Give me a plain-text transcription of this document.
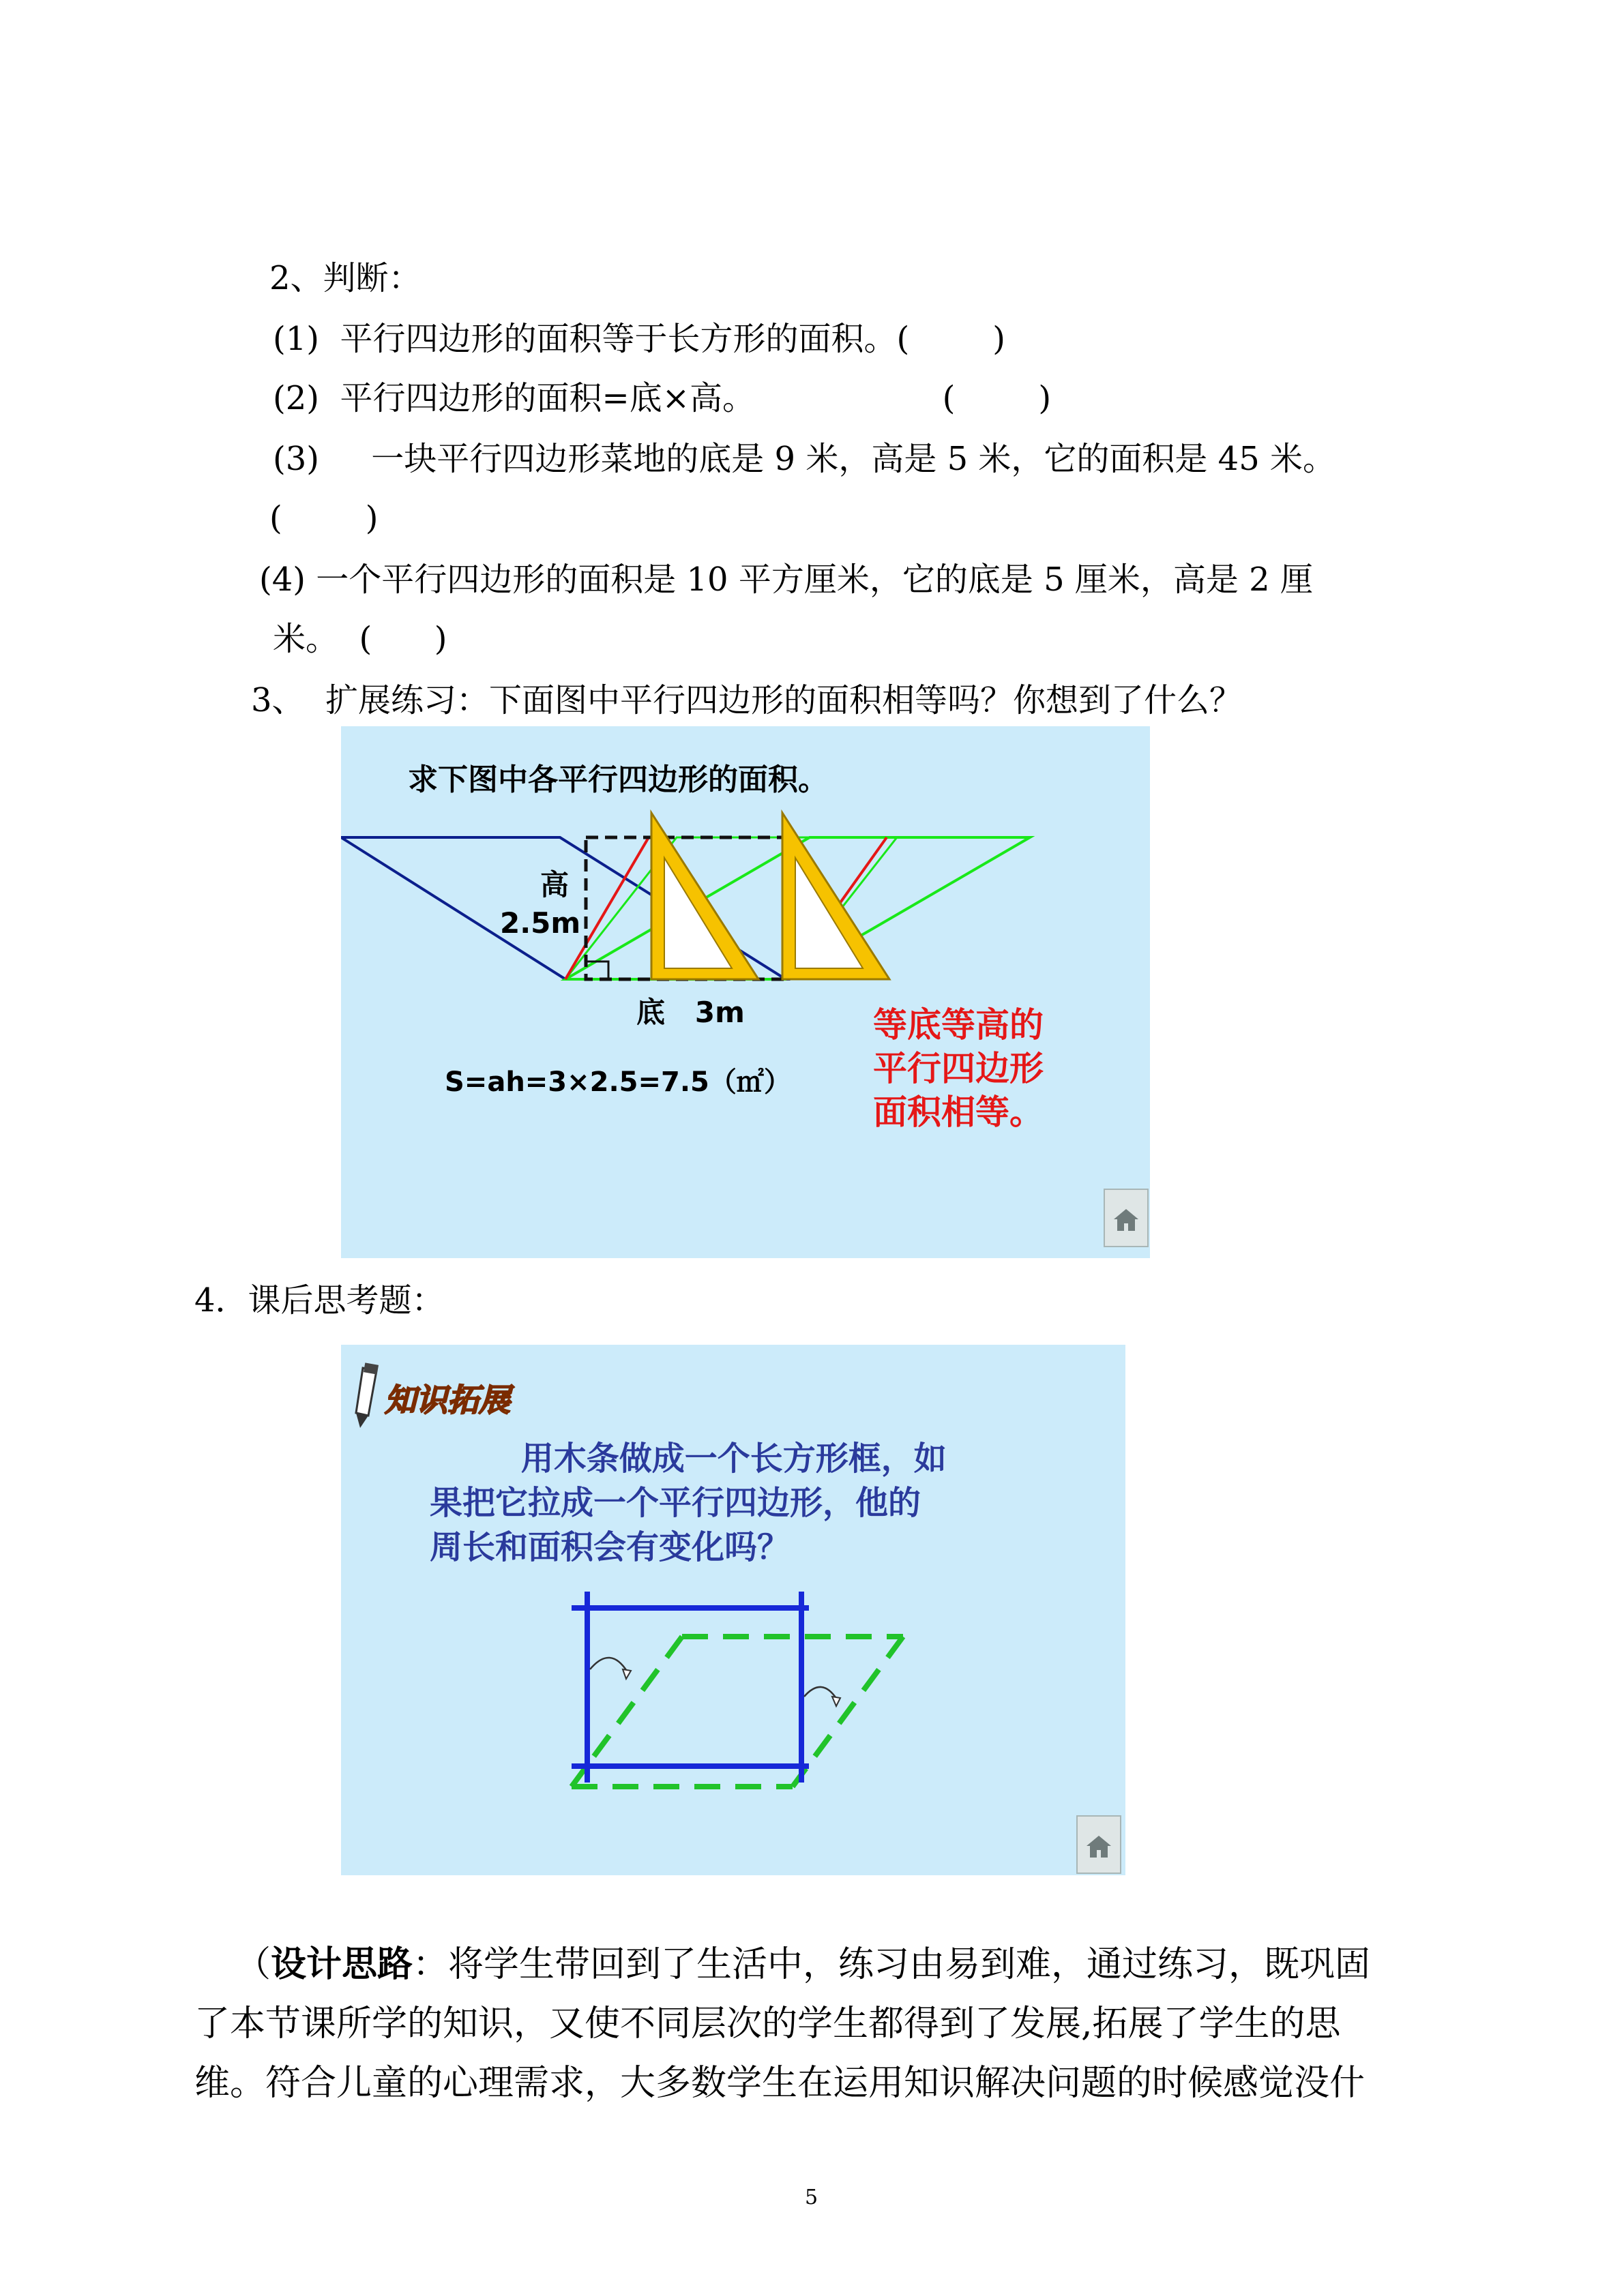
2、判断：
(1)  平行四边形的面积等于长方形的面积。(        )
(2)  平行四边形的面积=底×高。                  (        )
(3)     一块平行四边形菜地的底是 9 米，高是 5 米，它的面积是 45 米。
(        )
(4) 一个平行四边形的面积是 10 平方厘米，它的底是 5 厘米，高是 2 厘
米。  (      )
3、  扩展练习：下面图中平行四边形的面积相等吗？你想到了什么？
求下图中各平行四边形的面积。
高
2.5m
底   3m
S=ah=3×2.5=7.5（㎡）
等底等高的
平行四边形
面积相等。
4．课后思考题：
知识拓展
用木条做成一个长方形框，如
果把它拉成一个平行四边形，他的
周长和面积会有变化吗？
（设计思路：将学生带回到了生活中，练习由易到难，通过练习，既巩固
了本节课所学的知识，又使不同层次的学生都得到了发展,拓展了学生的思
维。符合儿童的心理需求，大多数学生在运用知识解决问题的时候感觉没什
5
